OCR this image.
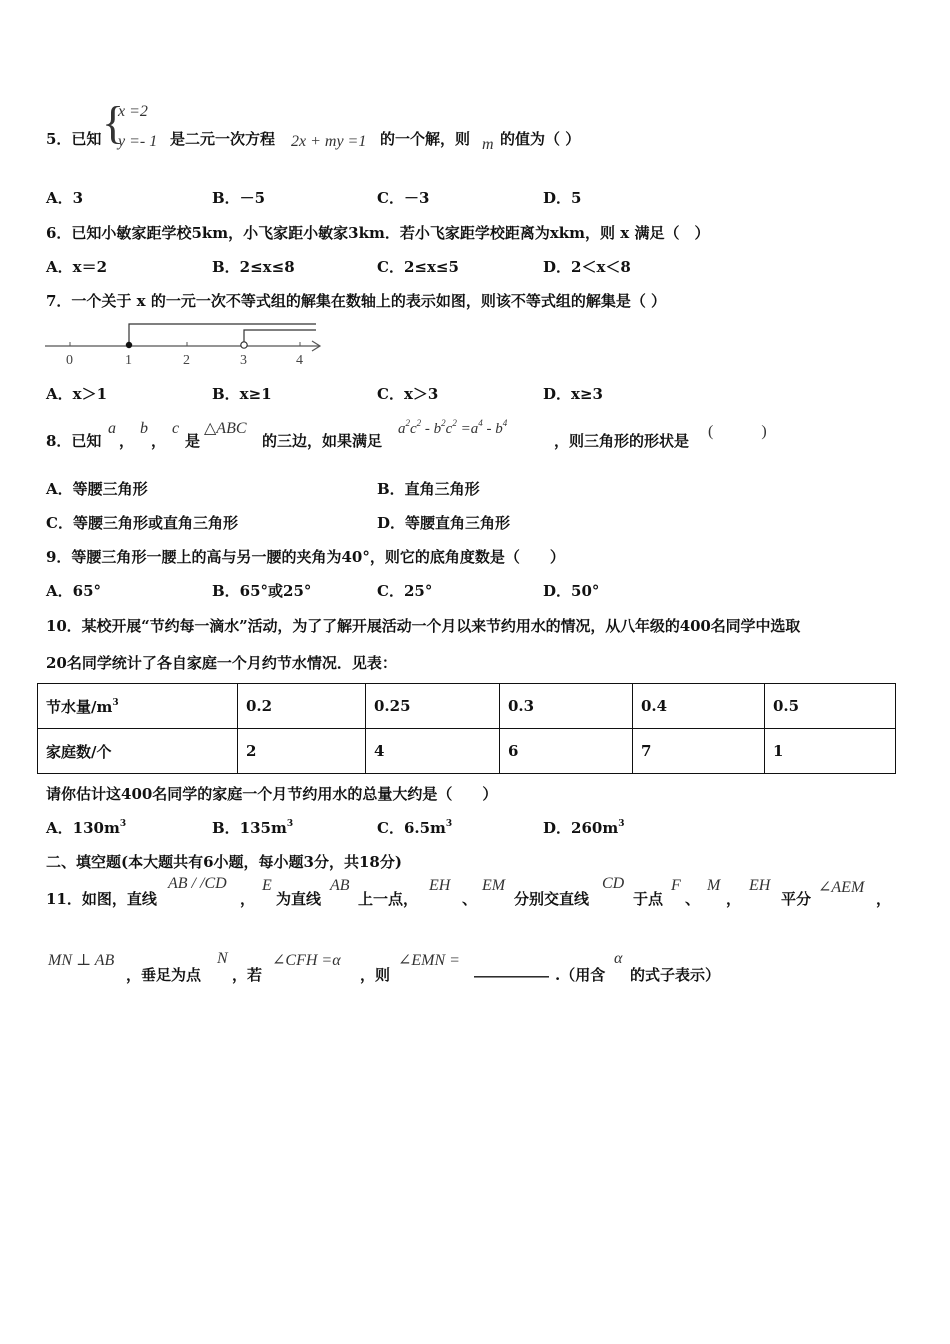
{
x =2
y =- 1
5．已知	是二元一次方程 2x + my =1 的一个解，则 m 的值为（ ）
A．3	B．－5	C．－3	D．5
6．已知小敏家距学校5km，小飞家距小敏家3km．若小飞家距学校距离为xkm，则 x 满足（　）
A．x＝2	B．2≤x≤8	C．2≤x≤5	D．2＜x＜8
7．一个关于 x 的一元一次不等式组的解集在数轴上的表示如图，则该不等式组的解集是（ ）
0	1	2	3	4
A．x＞1	B．x≥1	C．x＞3	D．x≥3
8．已知
a
，
b
，
c
是
△ABC
的三边，如果满足
$a^2c^2 - b^2c^2 =a^4 - b^4$
，则三角形的形状是
(　　　)
A．等腰三角形	B．直角三角形
C．等腰三角形或直角三角形	D．等腰直角三角形
9．等腰三角形一腰上的高与另一腰的夹角为40°，则它的底角度数是（　　）
A．65°	B．65°或25°	C．25°	D．50°
10．某校开展“节约每一滴水”活动，为了了解开展活动一个月以来节约用水的情况，从八年级的400名同学中选取
20名同学统计了各自家庭一个月约节水情况．见表：
节水量$/m^3$	0.2	0.25	0.3	0.4	0.5
家庭数/个	2	4	6	7	1
请你估计这400名同学的家庭一个月节约用水的总量大约是（　　）
A．$130m^3$	B．$135m^3$	C．$6.5m^3$	D．$260m^3$
二、填空题(本大题共有6小题，每小题3分，共18分)
11．如图，直线
AB / /CD
，
E
为直线
AB
上一点，
EH
、
EM
分别交直线
CD
于点
F
、
M
，
EH
平分
∠AEM
，
MN ⊥ AB
，垂足为点
N
，若
∠CFH =α
，则
∠EMN = __________ .（用含
α
的式子表示）
